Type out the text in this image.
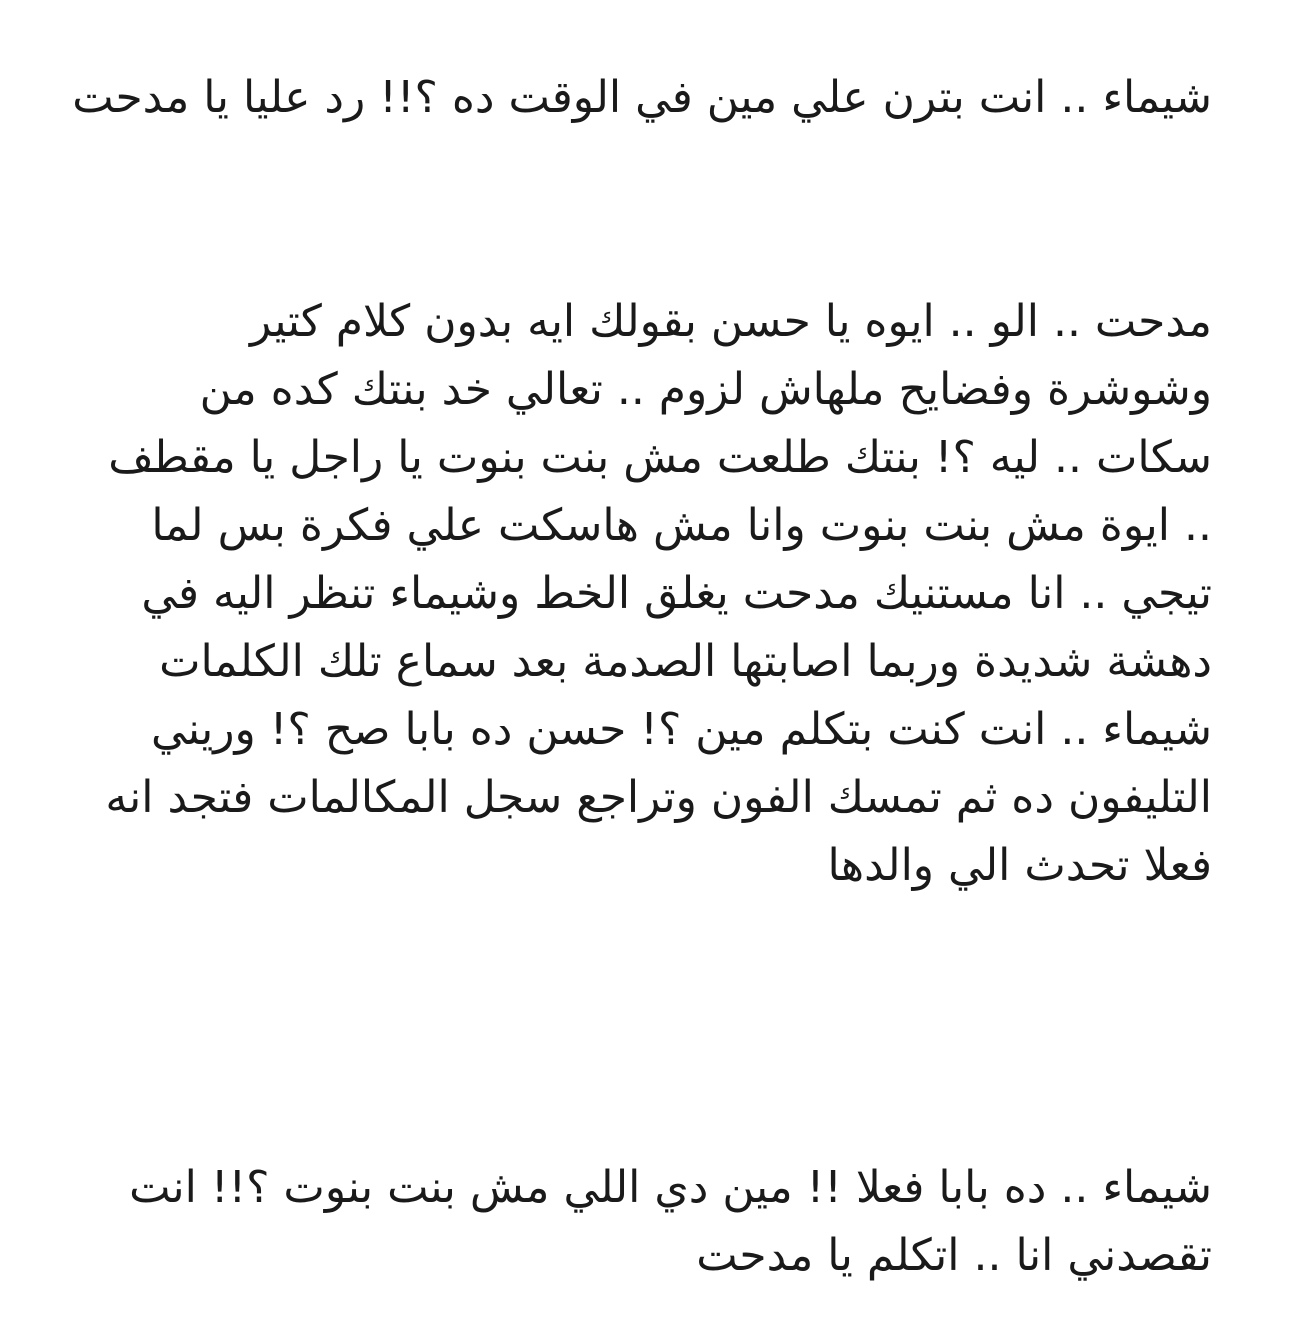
شيماء .. انت بترن علي مين في الوقت ده ؟!! رد عليا يا مدحت

مدحت .. الو .. ايوه يا حسن بقولك ايه بدون كلام كتير وشوشرة وفضايح ملهاش لزوم .. تعالي خد بنتك كده من سكات .. ليه ؟! بنتك طلعت مش بنت بنوت يا راجل يا مقطف .. ايوة مش بنت بنوت وانا مش هاسكت علي فكرة بس لما تيجي .. انا مستنيك مدحت يغلق الخط وشيماء تنظر اليه في دهشة شديدة وربما اصابتها الصدمة بعد سماع تلك الكلمات شيماء .. انت كنت بتكلم مين ؟! حسن ده بابا صح ؟! وريني التليفون ده ثم تمسك الفون وتراجع سجل المكالمات فتجد انه فعلا تحدث الي والدها

شيماء .. ده بابا فعلا !! مين دي اللي مش بنت بنوت ؟!! انت تقصدني انا .. اتكلم يا مدحت
